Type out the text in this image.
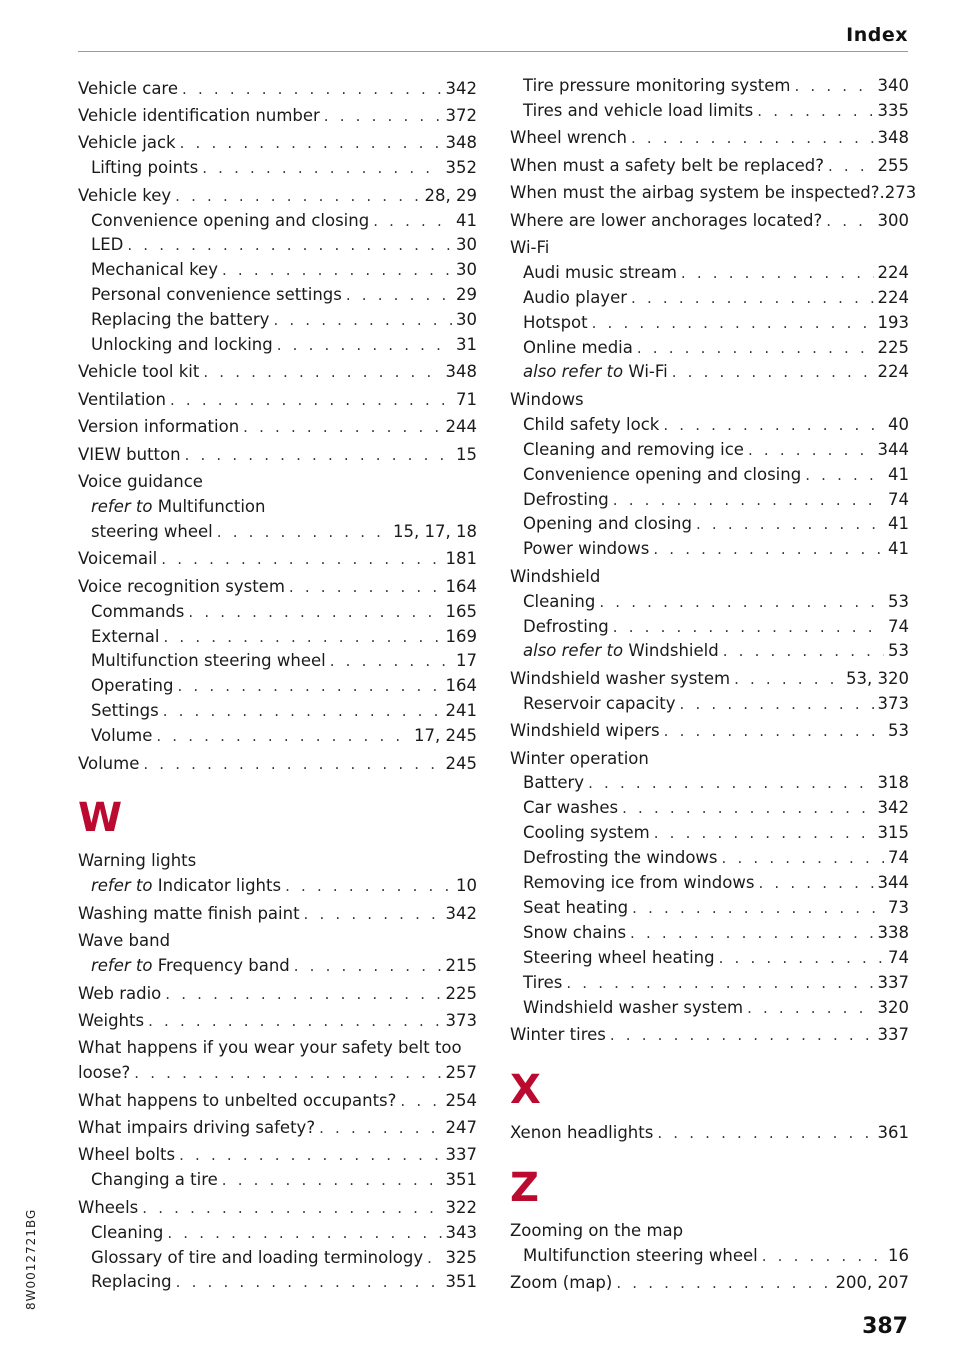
Index
Vehicle care . . .	342
Vehicle identification number . . .	372
Vehicle jack . . .	348
Lifting points . . .	352
Vehicle key . . .	28, 29
Convenience opening and closing . . .	41
LED . . .	30
Mechanical key . . .	30
Personal convenience settings . . .	29
Replacing the battery . . .	30
Unlocking and locking . . .	31
Vehicle tool kit . . .	348
Ventilation . . .	71
Version information . . .	244
VIEW button . . .	15
Voice guidance
refer to Multifunction
steering wheel . . .	15, 17, 18
Voicemail . . .	181
Voice recognition system . . .	164
Commands . . .	165
External . . .	169
Multifunction steering wheel . . .	17
Operating . . .	164
Settings . . .	241
Volume . . .	17, 245
Volume . . .	245
W
Warning lights
refer to Indicator lights . . .	10
Washing matte finish paint . . .	342
Wave band
refer to Frequency band . . .	215
Web radio . . .	225
Weights . . .	373
What happens if you wear your safety belt too
loose? . . .	257
What happens to unbelted occupants? . . .	254
What impairs driving safety? . . .	247
Wheel bolts . . .	337
Changing a tire . . .	351
Wheels . . .	322
Cleaning . . .	343
Glossary of tire and loading terminology . . . 325
Replacing . . .	351
Tire pressure monitoring system . . .	340
Tires and vehicle load limits . . .	335
Wheel wrench . . .	348
When must a safety belt be replaced? . . .	255
When must the airbag system be inspected? .273
Where are lower anchorages located? . . .	300
Wi-Fi
Audi music stream . . .	224
Audio player . . .	224
Hotspot . . .	193
Online media . . .	225
also refer to Wi-Fi . . .	224
Windows
Child safety lock . . .	40
Cleaning and removing ice . . .	344
Convenience opening and closing . . .	41
Defrosting . . .	74
Opening and closing . . .	41
Power windows . . .	41
Windshield
Cleaning . . .	53
Defrosting . . .	74
also refer to Windshield . . .	53
Windshield washer system . . .	53, 320
Reservoir capacity . . .	373
Windshield wipers . . .	53
Winter operation
Battery . . .	318
Car washes . . .	342
Cooling system . . .	315
Defrosting the windows . . .	74
Removing ice from windows . . .	344
Seat heating . . .	73
Snow chains . . .	338
Steering wheel heating . . .	74
Tires . . .	337
Windshield washer system . . .	320
Winter tires . . .	337
X
Xenon headlights . . .	361
Z
Zooming on the map
Multifunction steering wheel . . .	16
Zoom (map) . . .	200, 207
387
8W0012721BG
